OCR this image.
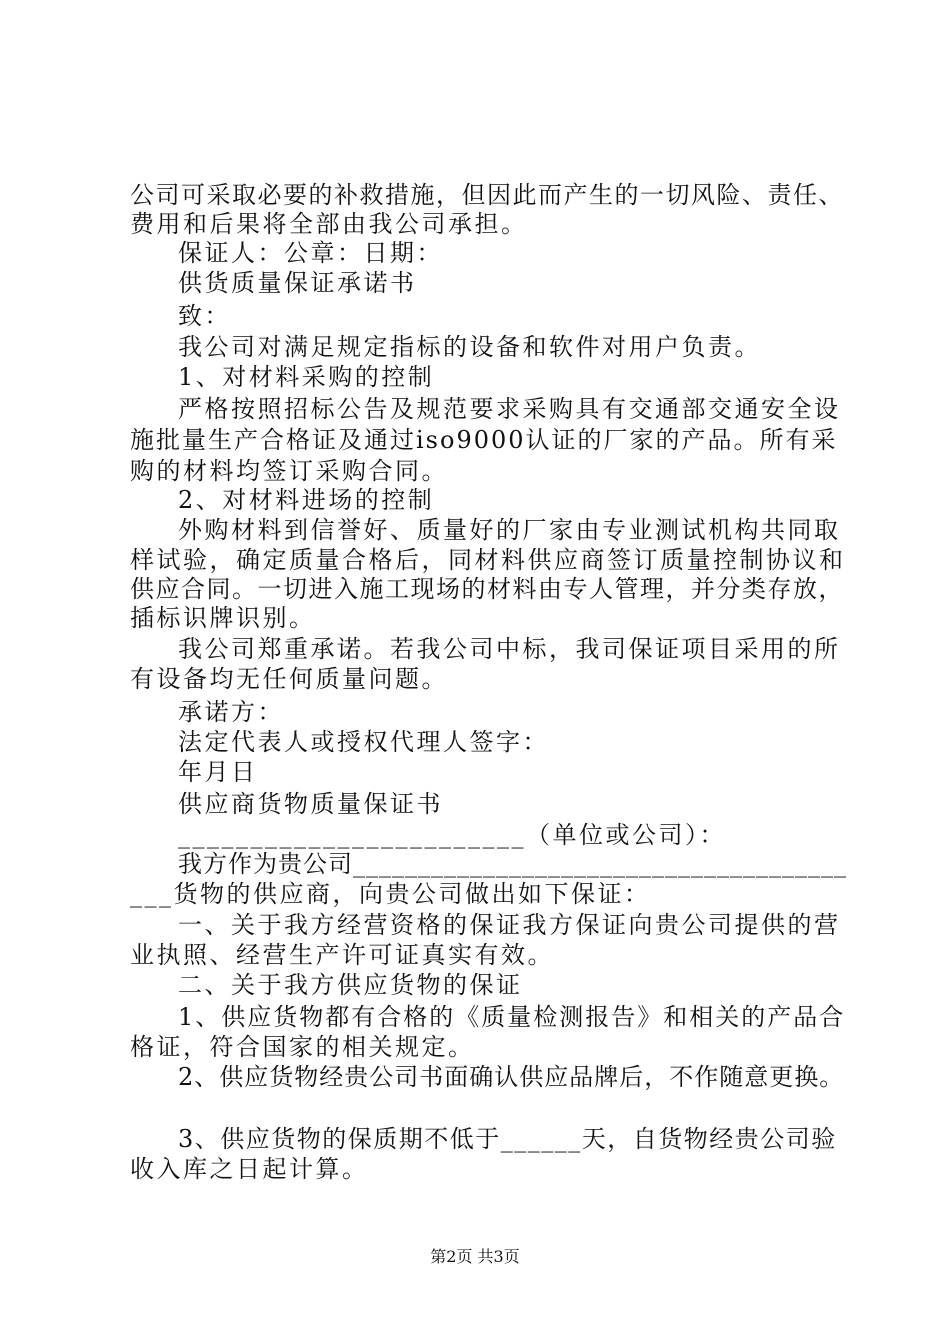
公司可采取必要的补救措施，但因此而产生的一切风险、责任、
费用和后果将全部由我公司承担。
保证人：公章：日期：
供货质量保证承诺书
致：
我公司对满足规定指标的设备和软件对用户负责。
1、对材料采购的控制
严格按照招标公告及规范要求采购具有交通部交通安全设
施批量生产合格证及通过iso9000认证的厂家的产品。所有采
购的材料均签订采购合同。
2、对材料进场的控制
外购材料到信誉好、质量好的厂家由专业测试机构共同取
样试验，确定质量合格后，同材料供应商签订质量控制协议和
供应合同。一切进入施工现场的材料由专人管理，并分类存放，
插标识牌识别。
我公司郑重承诺。若我公司中标，我司保证项目采用的所
有设备均无任何质量问题。
承诺方：
法定代表人或授权代理人签字：
年月日
供应商货物质量保证书
________________________（单位或公司）：
我方作为贵公司______________________________________
___货物的供应商，向贵公司做出如下保证：
一、关于我方经营资格的保证我方保证向贵公司提供的营
业执照、经营生产许可证真实有效。
二、关于我方供应货物的保证
1、供应货物都有合格的《质量检测报告》和相关的产品合
格证，符合国家的相关规定。
2、供应货物经贵公司书面确认供应品牌后，不作随意更换。
3、供应货物的保质期不低于______天，自货物经贵公司验
收入库之日起计算。
第2页 共3页
